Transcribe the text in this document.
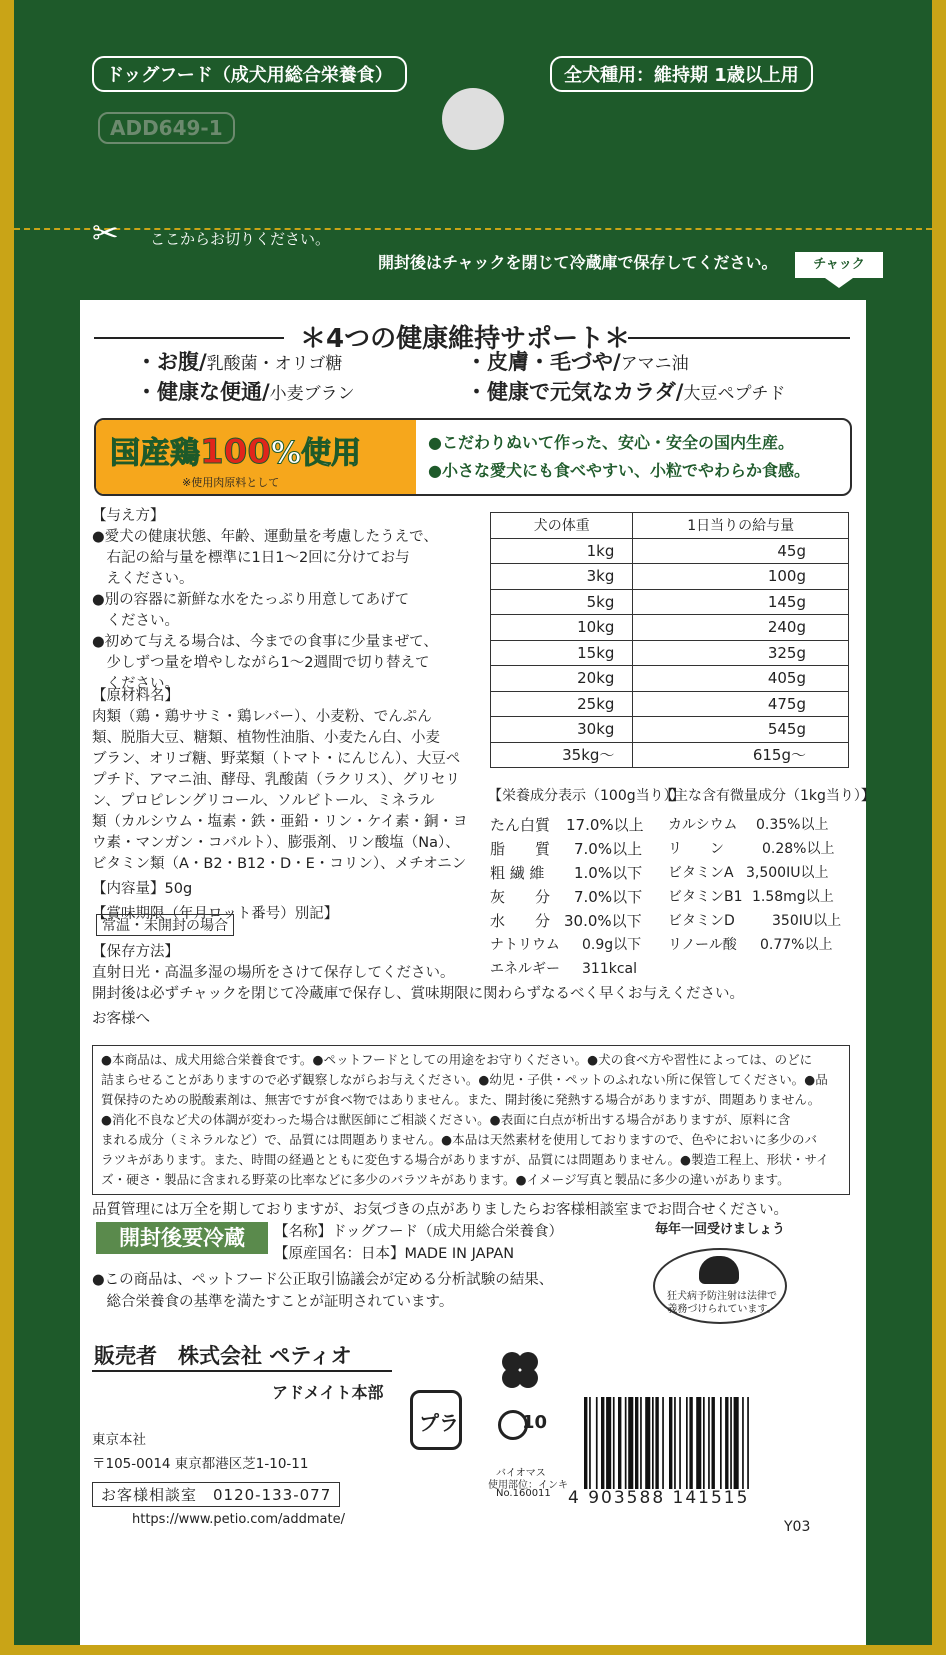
ドッグフード（成犬用総合栄養食）	全犬種用：維持期 1歳以上用
ADD649-1
✂ ここからお切りください。
開封後はチャックを閉じて冷蔵庫で保存してください。	チャック
＊4つの健康維持サポート＊
・お腹/乳酸菌・オリゴ糖	・皮膚・毛づや/アマニ油
・健康な便通/小麦ブラン	・健康で元気なカラダ/大豆ペプチド
国産鶏100%使用
※使用肉原料として
●こだわりぬいて作った、安心・安全の国内生産。
●小さな愛犬にも食べやすい、小粒でやわらか食感。
【与え方】
●愛犬の健康状態、年齢、運動量を考慮したうえで、
　右記の給与量を標準に1日1～2回に分けてお与
　えください。
●別の容器に新鮮な水をたっぷり用意してあげて
　ください。
●初めて与える場合は、今までの食事に少量まぜて、
　少しずつ量を増やしながら1～2週間で切り替えて
　ください。
【原材料名】
肉類（鶏・鶏ササミ・鶏レバー）、小麦粉、でんぷん
類、脱脂大豆、糖類、植物性油脂、小麦たん白、小麦
ブラン、オリゴ糖、野菜類（トマト・にんじん）、大豆ペ
プチド、アマニ油、酵母、乳酸菌（ラクリス）、グリセリ
ン、プロピレングリコール、ソルビトール、ミネラル
類（カルシウム・塩素・鉄・亜鉛・リン・ケイ素・銅・ヨ
ウ素・マンガン・コバルト）、膨張剤、リン酸塩（Na）、
ビタミン類（A・B2・B12・D・E・コリン）、メチオニン
【内容量】50g
【賞味期限（年月ロット番号）別記】
常温・未開封の場合
【保存方法】
直射日光・高温多湿の場所をさけて保存してください。
開封後は必ずチャックを閉じて冷蔵庫で保存し、賞味期限に関わらずなるべく早くお与えください。
お客様へ
犬の体重	1日当りの給与量
1kg	45g
3kg	100g
5kg	145g
10kg	240g
15kg	325g
20kg	405g
25kg	475g
30kg	545g
35kg～	615g～
【栄養成分表示（100g当り）】
【主な含有微量成分（1kg当り）】
たん白質 17.0%以上
脂　　質 7.0%以上
粗 繊 維 1.0%以下
灰　　分 7.0%以下
水　　分 30.0%以下
ナトリウム 0.9g以下
エネルギー 311kcal
カルシウム 0.35%以上
リ　　ン	0.28%以上
ビタミンA 3,500IU以上
ビタミンB1 1.58mg以上
ビタミンD	350IU以上
リノール酸 0.77%以上
●本商品は、成犬用総合栄養食です。●ペットフードとしての用途をお守りください。●犬の食べ方や習性によっては、のどに
詰まらせることがありますので必ず観察しながらお与えください。●幼児・子供・ペットのふれない所に保管してください。●品
質保持のための脱酸素剤は、無害ですが食べ物ではありません。また、開封後に発熱する場合がありますが、問題ありません。
●消化不良など犬の体調が変わった場合は獣医師にご相談ください。●表面に白点が析出する場合がありますが、原料に含
まれる成分（ミネラルなど）で、品質には問題ありません。●本品は天然素材を使用しておりますので、色やにおいに多少のバ
ラツキがあります。また、時間の経過とともに変色する場合がありますが、品質には問題ありません。●製造工程上、形状・サイ
ズ・硬さ・製品に含まれる野菜の比率などに多少のバラツキがあります。●イメージ写真と製品に多少の違いがあります。
品質管理には万全を期しておりますが、お気づきの点がありましたらお客様相談室までお問合せください。
開封後要冷蔵	【名称】ドッグフード（成犬用総合栄養食）
【原産国名：日本】MADE IN JAPAN
●この商品は、ペットフード公正取引協議会が定める分析試験の結果、
　総合栄養食の基準を満たすことが証明されています。
毎年一回受けましょう
狂犬病予防注射は法律で義務づけられています。
販売者　株式会社 ペティオ
アドメイト本部
東京本社
〒105-0014 東京都港区芝1-10-11
お客様相談室　0120-133-077
https://www.petio.com/addmate/
プラ	10
バイオマス
使用部位：インキ
No.160011 4 903588 141515
Y03
